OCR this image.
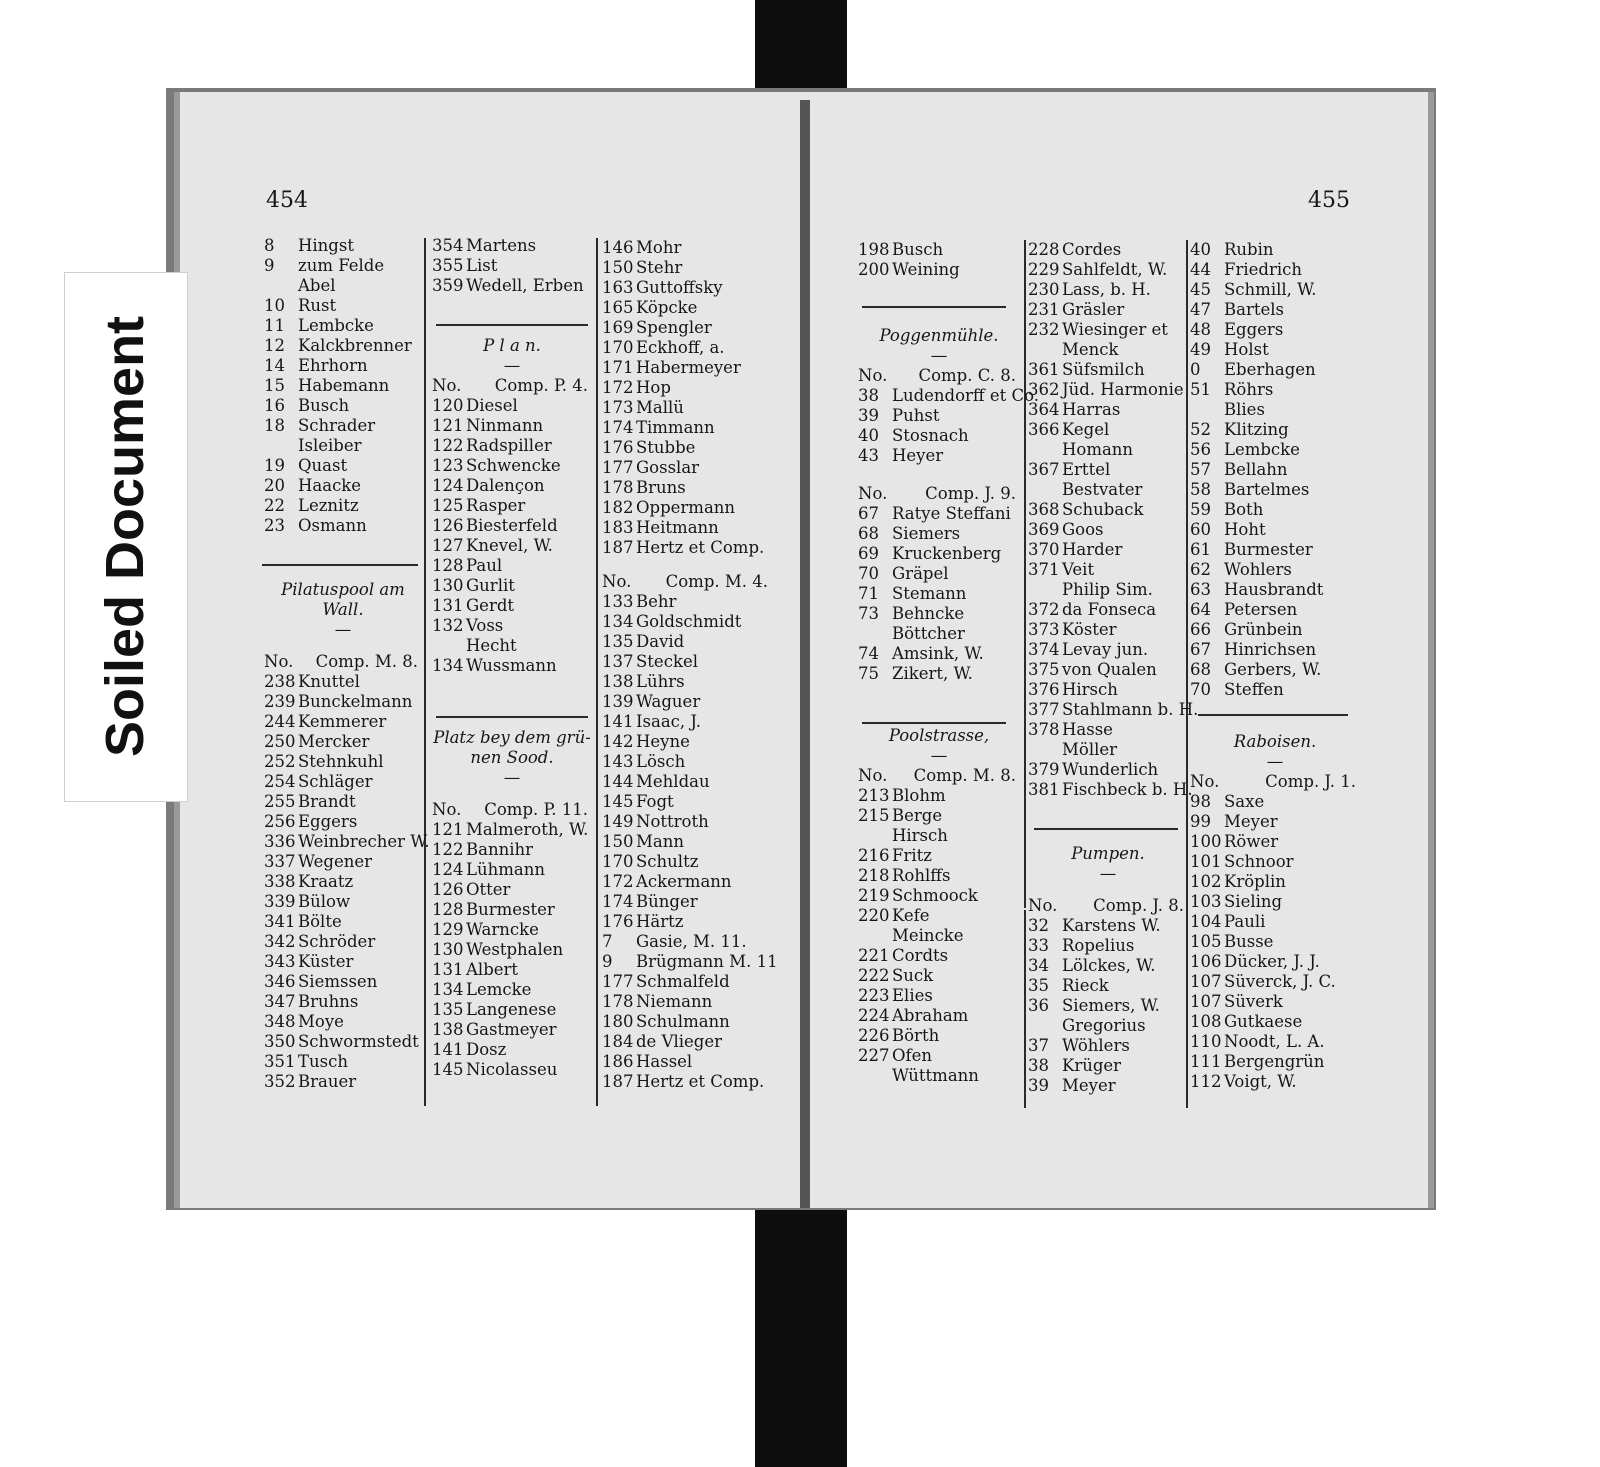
Soiled Document
454	455
8	Hingst
9	zum Felde
Abel
10 Rust
11 Lembcke
12 Kalckbrenner
14 Ehrhorn
15 Habemann
16 Busch
18 Schrader
Isleiber
19 Quast
20 Haacke
22 Leznitz
23 Osmann
Pilatuspool am
Wall.
—
No. Comp. M. 8.
238 Knuttel
239 Bunckelmann
244 Kemmerer
250 Mercker
252 Stehnkuhl
254 Schläger
255 Brandt
256 Eggers
336 Weinbrecher W.
337 Wegener
338 Kraatz
339 Bülow
341 Bölte
342 Schröder
343 Küster
346 Siemssen
347 Bruhns
348 Moye
350 Schwormstedt
351 Tusch
352 Brauer
354 Martens
355 List
359 Wedell, Erben
P l a n.
—
No. Comp. P. 4.
120 Diesel
121 Ninmann
122 Radspiller
123 Schwencke
124 Dalençon
125 Rasper
126 Biesterfeld
127 Knevel, W.
128 Paul
130 Gurlit
131 Gerdt
132 Voss
Hecht
134 Wussmann
Platz bey dem grü-
nen Sood.
—
No. Comp. P. 11.
121 Malmeroth, W.
122 Bannihr
124 Lühmann
126 Otter
128 Burmester
129 Warncke
130 Westphalen
131 Albert
134 Lemcke
135 Langenese
138 Gastmeyer
141 Dosz
145 Nicolasseu
146 Mohr
150 Stehr
163 Guttoffsky
165 Köpcke
169 Spengler
170 Eckhoff, a.
171 Habermeyer
172 Hop
173 Mallü
174 Timmann
176 Stubbe
177 Gosslar
178 Bruns
182 Oppermann
183 Heitmann
187 Hertz et Comp.
No. Comp. M. 4.
133 Behr
134 Goldschmidt
135 David
137 Steckel
138 Lührs
139 Waguer
141 Isaac, J.
142 Heyne
143 Lösch
144 Mehldau
145 Fogt
149 Nottroth
150 Mann
170 Schultz
172 Ackermann
174 Bünger
176 Härtz
7	Gasie, M. 11.
9	Brügmann M. 11
177 Schmalfeld
178 Niemann
180 Schulmann
184 de Vlieger
186 Hassel
187 Hertz et Comp.
198 Busch
200 Weining
Poggenmühle.
—
No. Comp. C. 8.
38 Ludendorff et Co.
39 Puhst
40 Stosnach
43 Heyer
No. Comp. J. 9.
67 Ratye Steffani
68 Siemers
69 Kruckenberg
70 Gräpel
71 Stemann
73 Behncke
Böttcher
74 Amsink, W.
75 Zikert, W.
Poolstrasse,
—
No. Comp. M. 8.
213 Blohm
215 Berge
Hirsch
216 Fritz
218 Rohlffs
219 Schmoock
220 Kefe
Meincke
221 Cordts
222 Suck
223 Elies
224 Abraham
226 Börth
227 Ofen
Wüttmann
228 Cordes
229 Sahlfeldt, W.
230 Lass, b. H.
231 Gräsler
232 Wiesinger et
Menck
361 Süfsmilch
362 Jüd. Harmonie
364 Harras
366 Kegel
Homann
367 Erttel
Bestvater
368 Schuback
369 Goos
370 Harder
371 Veit
Philip Sim.
372 da Fonseca
373 Köster
374 Levay jun.
375 von Qualen
376 Hirsch
377 Stahlmann b. H.
378 Hasse
Möller
379 Wunderlich
381 Fischbeck b. H.
Pumpen.
—
No. Comp. J. 8.
32 Karstens W.
33 Ropelius
34 Lölckes, W.
35 Rieck
36 Siemers, W.
Gregorius
37 Wöhlers
38 Krüger
39 Meyer
40 Rubin
44 Friedrich
45 Schmill, W.
47 Bartels
48 Eggers
49 Holst
0	Eberhagen
51 Röhrs
Blies
52 Klitzing
56 Lembcke
57 Bellahn
58 Bartelmes
59 Both
60 Hoht
61 Burmester
62 Wohlers
63 Hausbrandt
64 Petersen
66 Grünbein
67 Hinrichsen
68 Gerbers, W.
70 Steffen
Raboisen.
—
No.	Comp. J. 1.
98 Saxe
99 Meyer
100 Röwer
101 Schnoor
102 Kröplin
103 Sieling
104 Pauli
105 Busse
106 Dücker, J. J.
107 Süverck, J. C.
107 Süverk
108 Gutkaese
110 Noodt, L. A.
111 Bergengrün
112 Voigt, W.
